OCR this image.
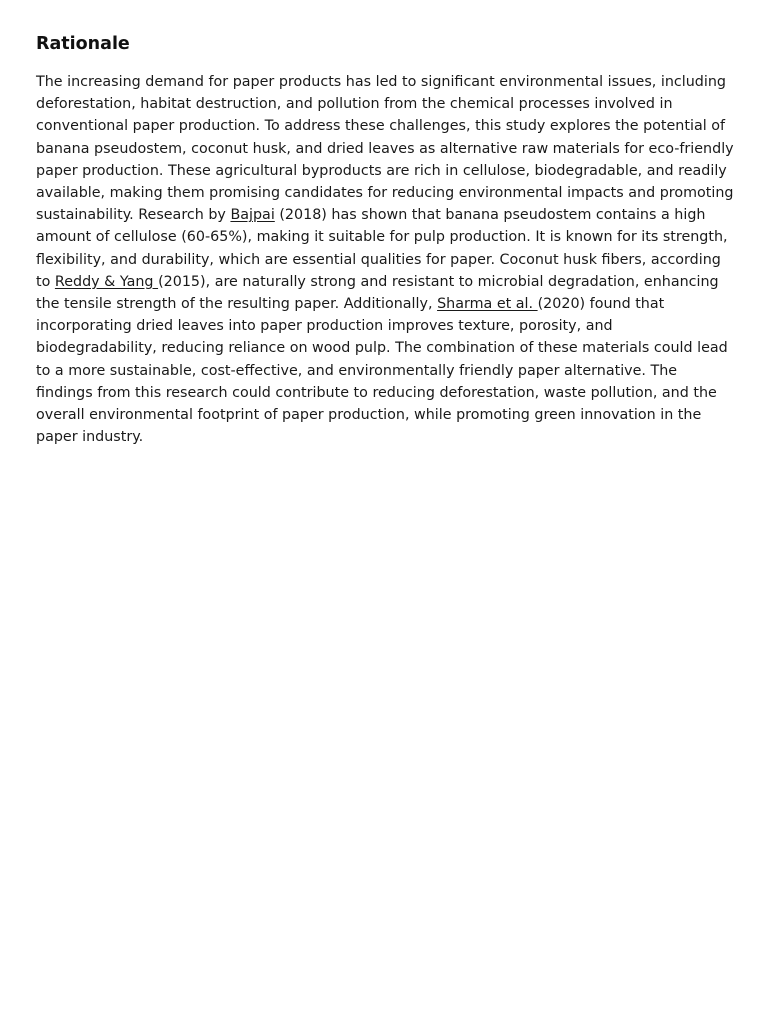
Rationale

The increasing demand for paper products has led to significant environmental issues, including deforestation, habitat destruction, and pollution from the chemical processes involved in conventional paper production. To address these challenges, this study explores the potential of banana pseudostem, coconut husk, and dried leaves as alternative raw materials for eco-friendly paper production. These agricultural byproducts are rich in cellulose, biodegradable, and readily available, making them promising candidates for reducing environmental impacts and promoting sustainability. Research by Bajpai (2018) has shown that banana pseudostem contains a high amount of cellulose (60-65%), making it suitable for pulp production. It is known for its strength, flexibility, and durability, which are essential qualities for paper. Coconut husk fibers, according to Reddy & Yang (2015), are naturally strong and resistant to microbial degradation, enhancing the tensile strength of the resulting paper. Additionally, Sharma et al. (2020) found that incorporating dried leaves into paper production improves texture, porosity, and biodegradability, reducing reliance on wood pulp. The combination of these materials could lead to a more sustainable, cost-effective, and environmentally friendly paper alternative. The findings from this research could contribute to reducing deforestation, waste pollution, and the overall environmental footprint of paper production, while promoting green innovation in the paper industry.
